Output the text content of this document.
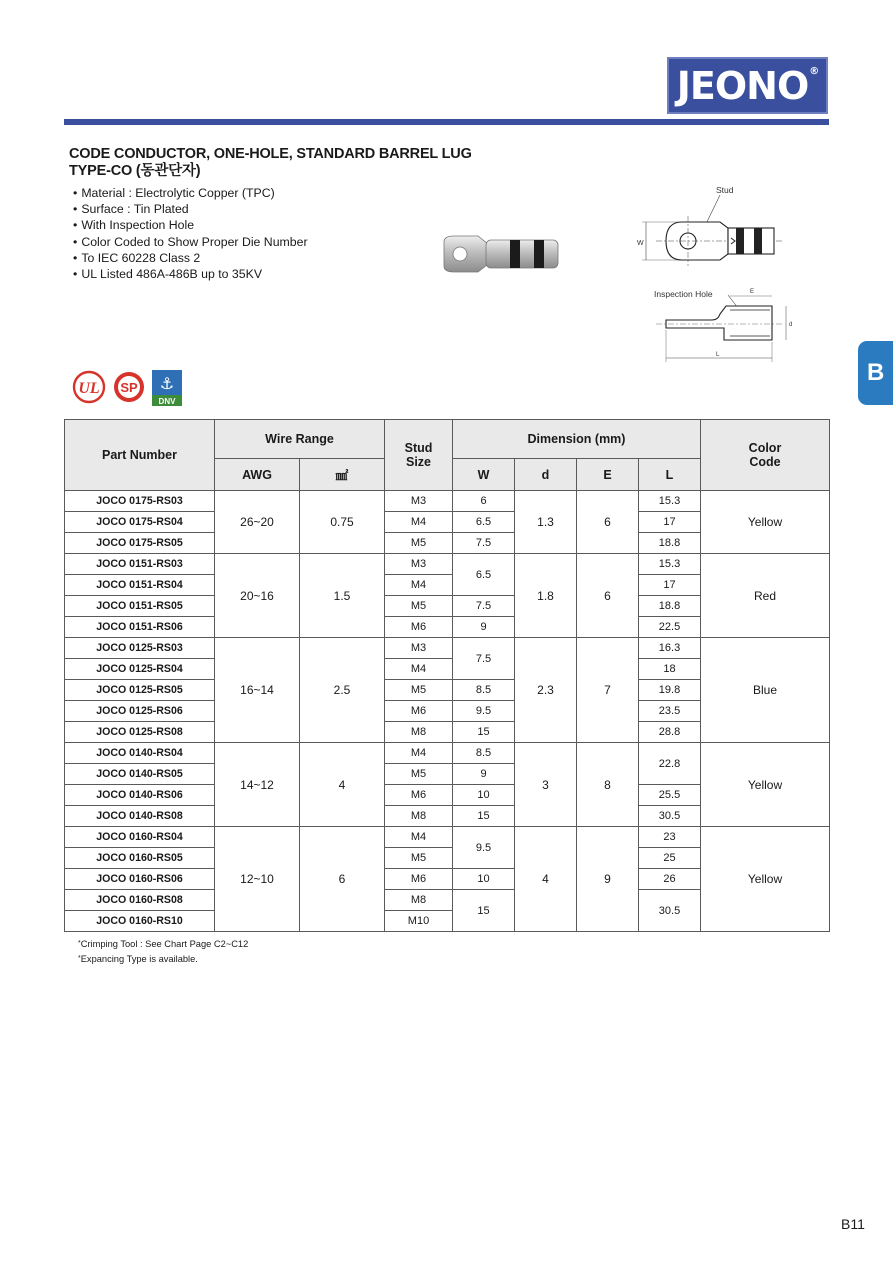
JEONO®
CODE CONDUCTOR, ONE-HOLE, STANDARD BARREL LUG
TYPE-CO (동관단자)
• Material : Electrolytic Copper (TPC)
• Surface : Tin Plated
• With Inspection Hole
• Color Coded to Show Proper Die Number
• To IEC 60228 Class 2
• UL Listed 486A-486B up to 35KV
Stud
W
Inspection Hole	E
d
L
UL SP ⚓
DNV
B
Part Number	Wire Range		Stud Size	Dimension (mm)				Color Code
	AWG	㎟		W	d	E	L	
JOCO 0175-RS03	26~20	0.75	M3	6	1.3	6	15.3	Yellow
JOCO 0175-RS04			M4	6.5			17	
JOCO 0175-RS05			M5	7.5			18.8	
JOCO 0151-RS03	20~16	1.5	M3	6.5	1.8	6	15.3	Red
JOCO 0151-RS04			M4				17	
JOCO 0151-RS05			M5	7.5			18.8	
JOCO 0151-RS06			M6	9			22.5	
JOCO 0125-RS03	16~14	2.5	M3	7.5	2.3	7	16.3	Blue
JOCO 0125-RS04			M4				18	
JOCO 0125-RS05			M5	8.5			19.8	
JOCO 0125-RS06			M6	9.5			23.5	
JOCO 0125-RS08			M8	15			28.8	
JOCO 0140-RS04	14~12	4	M4	8.5	3	8	22.8	Yellow
JOCO 0140-RS05			M5	9				
JOCO 0140-RS06			M6	10			25.5	
JOCO 0140-RS08			M8	15			30.5	
JOCO 0160-RS04	12~10	6	M4	9.5	4	9	23	Yellow
JOCO 0160-RS05			M5				25	
JOCO 0160-RS06			M6	10			26	
JOCO 0160-RS08			M8	15			30.5	
JOCO 0160-RS10			M10					

* Crimping Tool : See Chart Page C2~C12

* Expancing Type is available.

B11
